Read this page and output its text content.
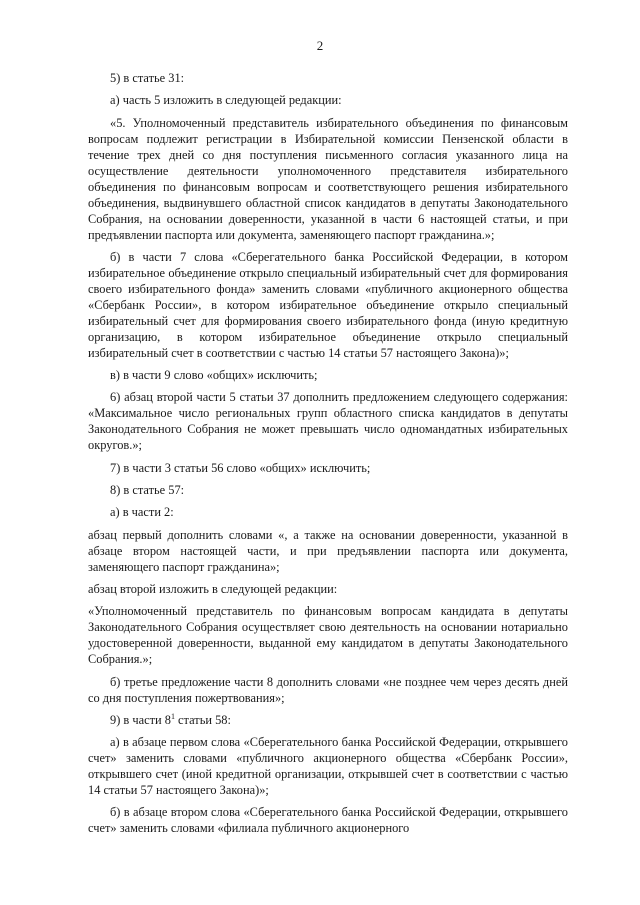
2

5) в статье 31:

а) часть 5 изложить в следующей редакции:

«5. Уполномоченный представитель избирательного объединения по финансовым вопросам подлежит регистрации в Избирательной комиссии Пензенской области в течение трех дней со дня поступления письменного согласия указанного лица на осуществление деятельности уполномоченного представителя избирательного объединения по финансовым вопросам и соответствующего решения избирательного объединения, выдвинувшего областной список кандидатов в депутаты Законодательного Собрания, на основании доверенности, указанной в части 6 настоящей статьи, и при предъявлении паспорта или документа, заменяющего паспорт гражданина.»;

б) в части 7 слова «Сберегательного банка Российской Федерации, в котором избирательное объединение открыло специальный избирательный счет для формирования своего избирательного фонда» заменить словами «публичного акционерного общества «Сбербанк России», в котором избирательное объединение открыло специальный избирательный счет для формирования своего избирательного фонда (иную кредитную организацию, в котором избирательное объединение открыло специальный избирательный счет в соответствии с частью 14 статьи 57 настоящего Закона)»;

в) в части 9 слово «общих» исключить;

6) абзац второй части 5 статьи 37 дополнить предложением следующего содержания: «Максимальное число региональных групп областного списка кандидатов в депутаты Законодательного Собрания не может превышать число одномандатных избирательных округов.»;

7) в части 3 статьи 56 слово «общих» исключить;

8) в статье 57:

а) в части 2:

абзац первый дополнить словами «, а также на основании доверенности, указанной в абзаце втором настоящей части, и при предъявлении паспорта или документа, заменяющего паспорт гражданина»;

абзац второй изложить в следующей редакции:

«Уполномоченный представитель по финансовым вопросам кандидата в депутаты Законодательного Собрания осуществляет свою деятельность на основании нотариально удостоверенной доверенности, выданной ему кандидатом в депутаты Законодательного Собрания.»;

б) третье предложение части 8 дополнить словами «не позднее чем через десять дней со дня поступления пожертвования»;

9) в части $8^1$ статьи 58:

а) в абзаце первом слова «Сберегательного банка Российской Федерации, открывшего счет» заменить словами «публичного акционерного общества «Сбербанк России», открывшего счет (иной кредитной организации, открывшей счет в соответствии с частью 14 статьи 57 настоящего Закона)»;

б) в абзаце втором слова «Сберегательного банка Российской Федерации, открывшего счет» заменить словами «филиала публичного акционерного
